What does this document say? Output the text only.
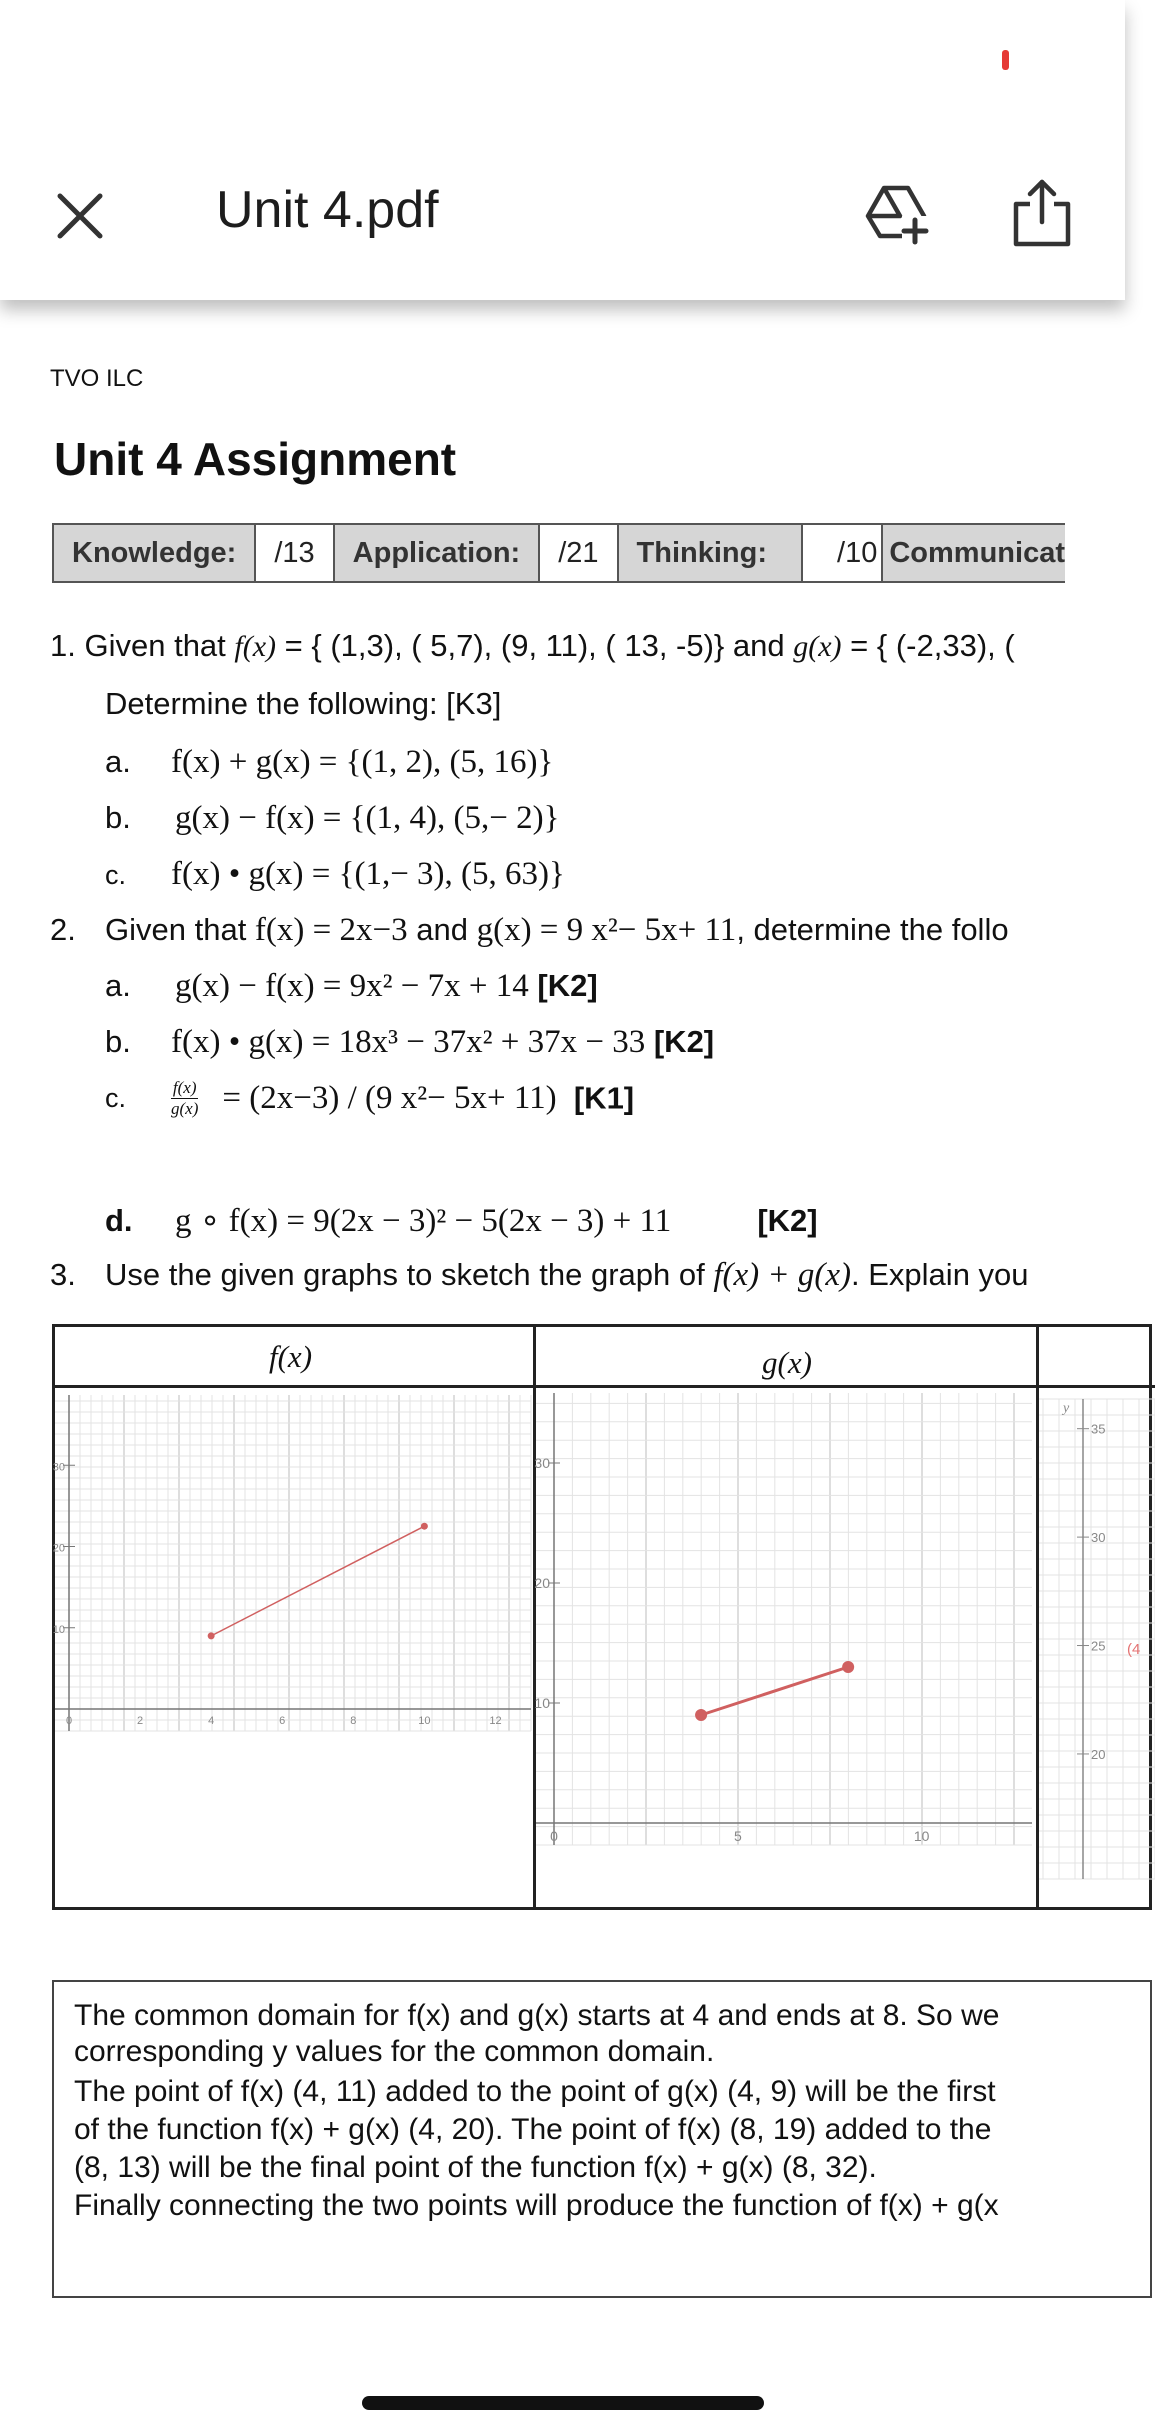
Unit 4.pdf
TVO ILC
Unit 4 Assignment
Knowledge:	/13	Application:	/21	Thinking:	/10	Communicat
1. Given that f(x) = { (1,3), ( 5,7), (9, 11), ( 13, -5)} and g(x) = { (-2,33), (
Determine the following: [K3]
a. f(x) + g(x) = {(1, 2), (5, 16)}
b. g(x) − f(x) = {(1, 4), (5,− 2)}
c. f(x) • g(x) = {(1,− 3), (5, 63)}
2. Given that f(x) = 2x−3 and g(x) = 9 x²− 5x+ 11, determine the follo
a. g(x) − f(x) = 9x² − 7x + 14 [K2]
b. f(x) • g(x) = 18x³ − 37x² + 37x − 33 [K2]
c.	$\frac{f(x)}{g(x)} = (2x-3) / (9$ x²− 5x+ 11) [K1]
d. g ∘ f(x) = 9(2x − 3)² − 5(2x − 3) + 11	[K2]
3. Use the given graphs to sketch the graph of f(x) + g(x). Explain you
f(x)
10
20
30
0	2	4	6	8	10	12
g(x)
10
20
30
0	5	10
20
25
30
35
y
(4

The common domain for f(x) and g(x) starts at 4 and ends at 8. So we

corresponding y values for the common domain.

The point of f(x) (4, 11) added to the point of g(x) (4, 9) will be the first

of the function f(x) + g(x) (4, 20). The point of f(x) (8, 19) added to the

(8, 13) will be the final point of the function f(x) + g(x) (8, 32).

Finally connecting the two points will produce the function of f(x) + g(x
